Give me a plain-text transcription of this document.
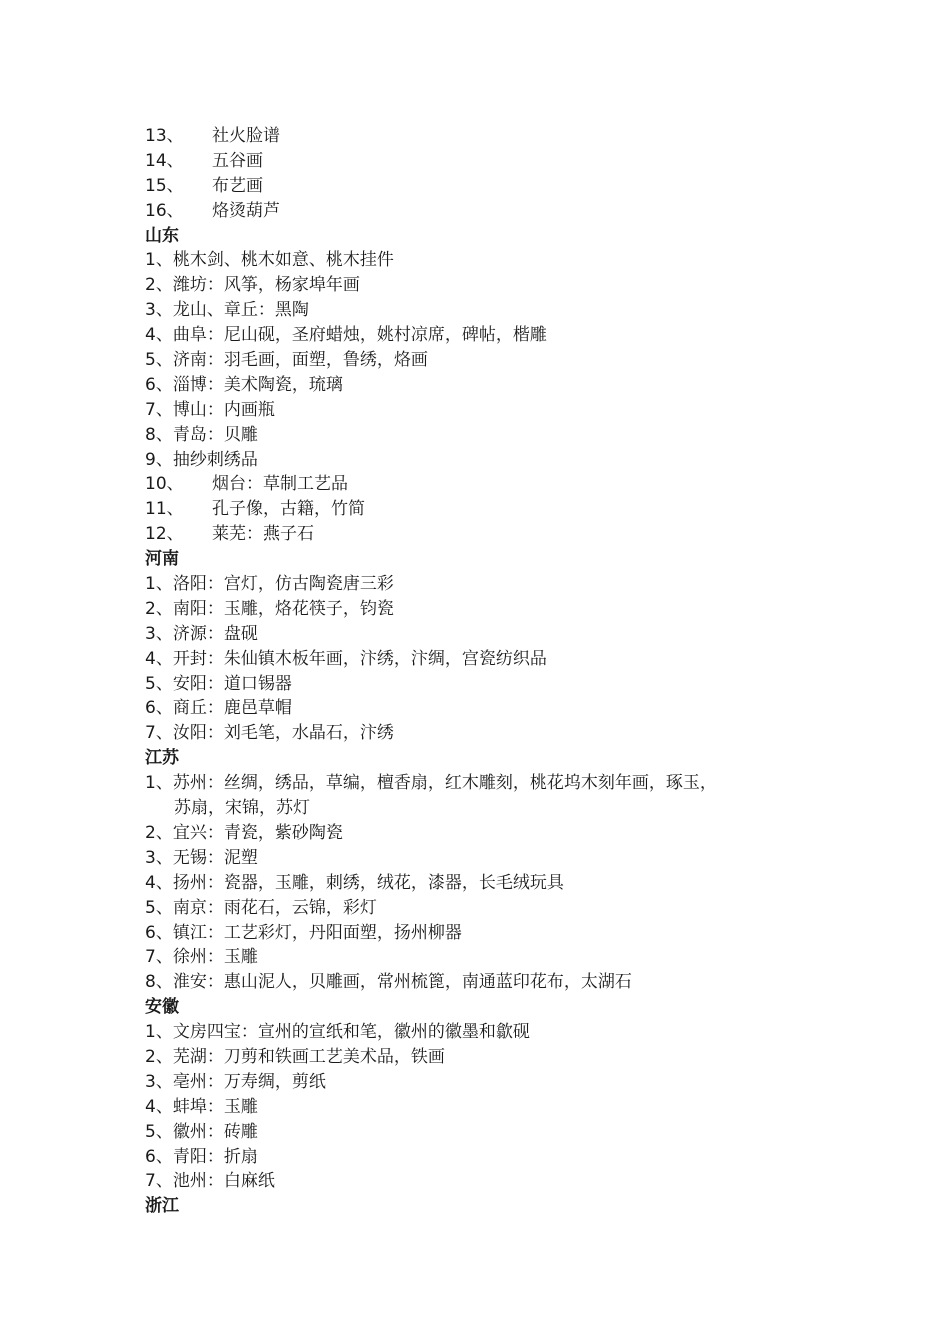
13、 社火脸谱
14、 五谷画
15、 布艺画
16、 烙烫葫芦
山东
1、桃木剑、桃木如意、桃木挂件
2、潍坊：风筝，杨家埠年画
3、龙山、章丘：黑陶
4、曲阜：尼山砚，圣府蜡烛，姚村凉席，碑帖，楷雕
5、济南：羽毛画，面塑，鲁绣，烙画
6、淄博：美术陶瓷，琉璃
7、博山：内画瓶
8、青岛：贝雕
9、抽纱刺绣品
10、 烟台：草制工艺品
11、 孔子像，古籍，竹简
12、 莱芜：燕子石
河南
1、洛阳：宫灯，仿古陶瓷唐三彩
2、南阳：玉雕，烙花筷子，钧瓷
3、济源：盘砚
4、开封：朱仙镇木板年画，汴绣，汴绸，宫瓷纺织品
5、安阳：道口锡器
6、商丘：鹿邑草帽
7、汝阳：刘毛笔，水晶石，汴绣
江苏
1、苏州：丝绸，绣品，草编，檀香扇，红木雕刻，桃花坞木刻年画，琢玉，
苏扇，宋锦，苏灯
2、宜兴：青瓷，紫砂陶瓷
3、无锡：泥塑
4、扬州：瓷器，玉雕，刺绣，绒花，漆器，长毛绒玩具
5、南京：雨花石，云锦，彩灯
6、镇江：工艺彩灯，丹阳面塑，扬州柳器
7、徐州：玉雕
8、淮安：惠山泥人，贝雕画，常州梳篦，南通蓝印花布，太湖石
安徽
1、文房四宝：宣州的宣纸和笔，徽州的徽墨和歙砚
2、芜湖：刀剪和铁画工艺美术品，铁画
3、亳州：万寿绸，剪纸
4、蚌埠：玉雕
5、徽州：砖雕
6、青阳：折扇
7、池州：白麻纸
浙江
